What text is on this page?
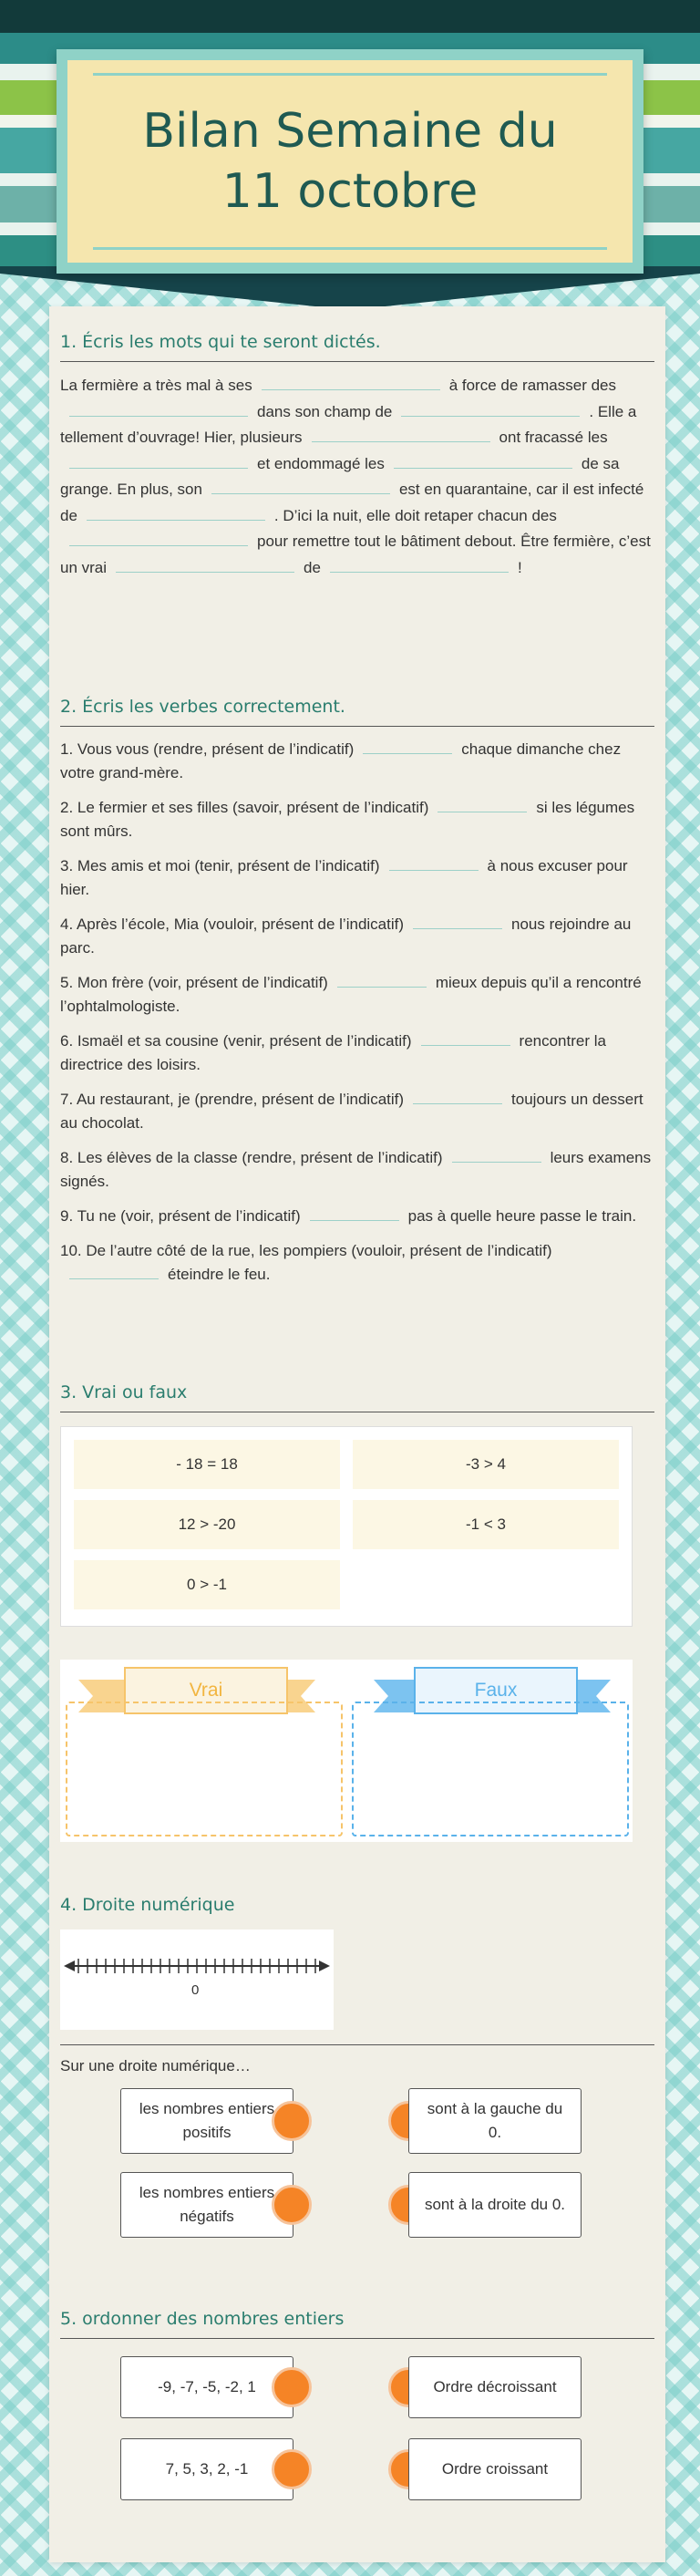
Bilan Semaine du 11 octobre
1. Écris les mots qui te seront dictés.
La fermière a très mal à ses	à force de ramasser desdans son champ de	. Elle a tellement d’ouvrage! Hier, plusieurs	ont fracassé leset endommagé les	de sa grange. En plus, son	est en quarantaine, car il est infecté de	. D’ici la nuit, elle doit retaper chacun despour remettre tout le bâtiment debout. Être fermière, c’est un vrai	de	!
2. Écris les verbes correctement.
1. Vous vous (rendre, présent de l’indicatif)	chaque dimanche chez votre grand-mère.
2. Le fermier et ses filles (savoir, présent de l’indicatif)	si les légumes sont mûrs.
3. Mes amis et moi (tenir, présent de l’indicatif)	à nous excuser pour hier.
4. Après l’école, Mia (vouloir, présent de l’indicatif)	nous rejoindre au parc.
5. Mon frère (voir, présent de l’indicatif)	mieux depuis qu’il a rencontré l’ophtalmologiste.
6. Ismaël et sa cousine (venir, présent de l’indicatif)	rencontrer la directrice des loisirs.
7. Au restaurant, je (prendre, présent de l’indicatif)	toujours un dessert au chocolat.
8. Les élèves de la classe (rendre, présent de l’indicatif)	leurs examens signés.
9. Tu ne (voir, présent de l’indicatif)	pas à quelle heure passe le train.
10. De l’autre côté de la rue, les pompiers (vouloir, présent de l’indicatif)éteindre le feu.
3. Vrai ou faux
- 18 = 18	-3 > 4
12 > -20	-1 < 3
0 > -1
Vrai	Faux
4. Droite numérique
0
Sur une droite numérique…
les nombres entiers positifs
sont à la gauche du 0.
les nombres entiers négatifs
sont à la droite du 0.
5. ordonner des nombres entiers
-9, -7, -5, -2, 1	Ordre décroissant
7, 5, 3, 2, -1	Ordre croissant
